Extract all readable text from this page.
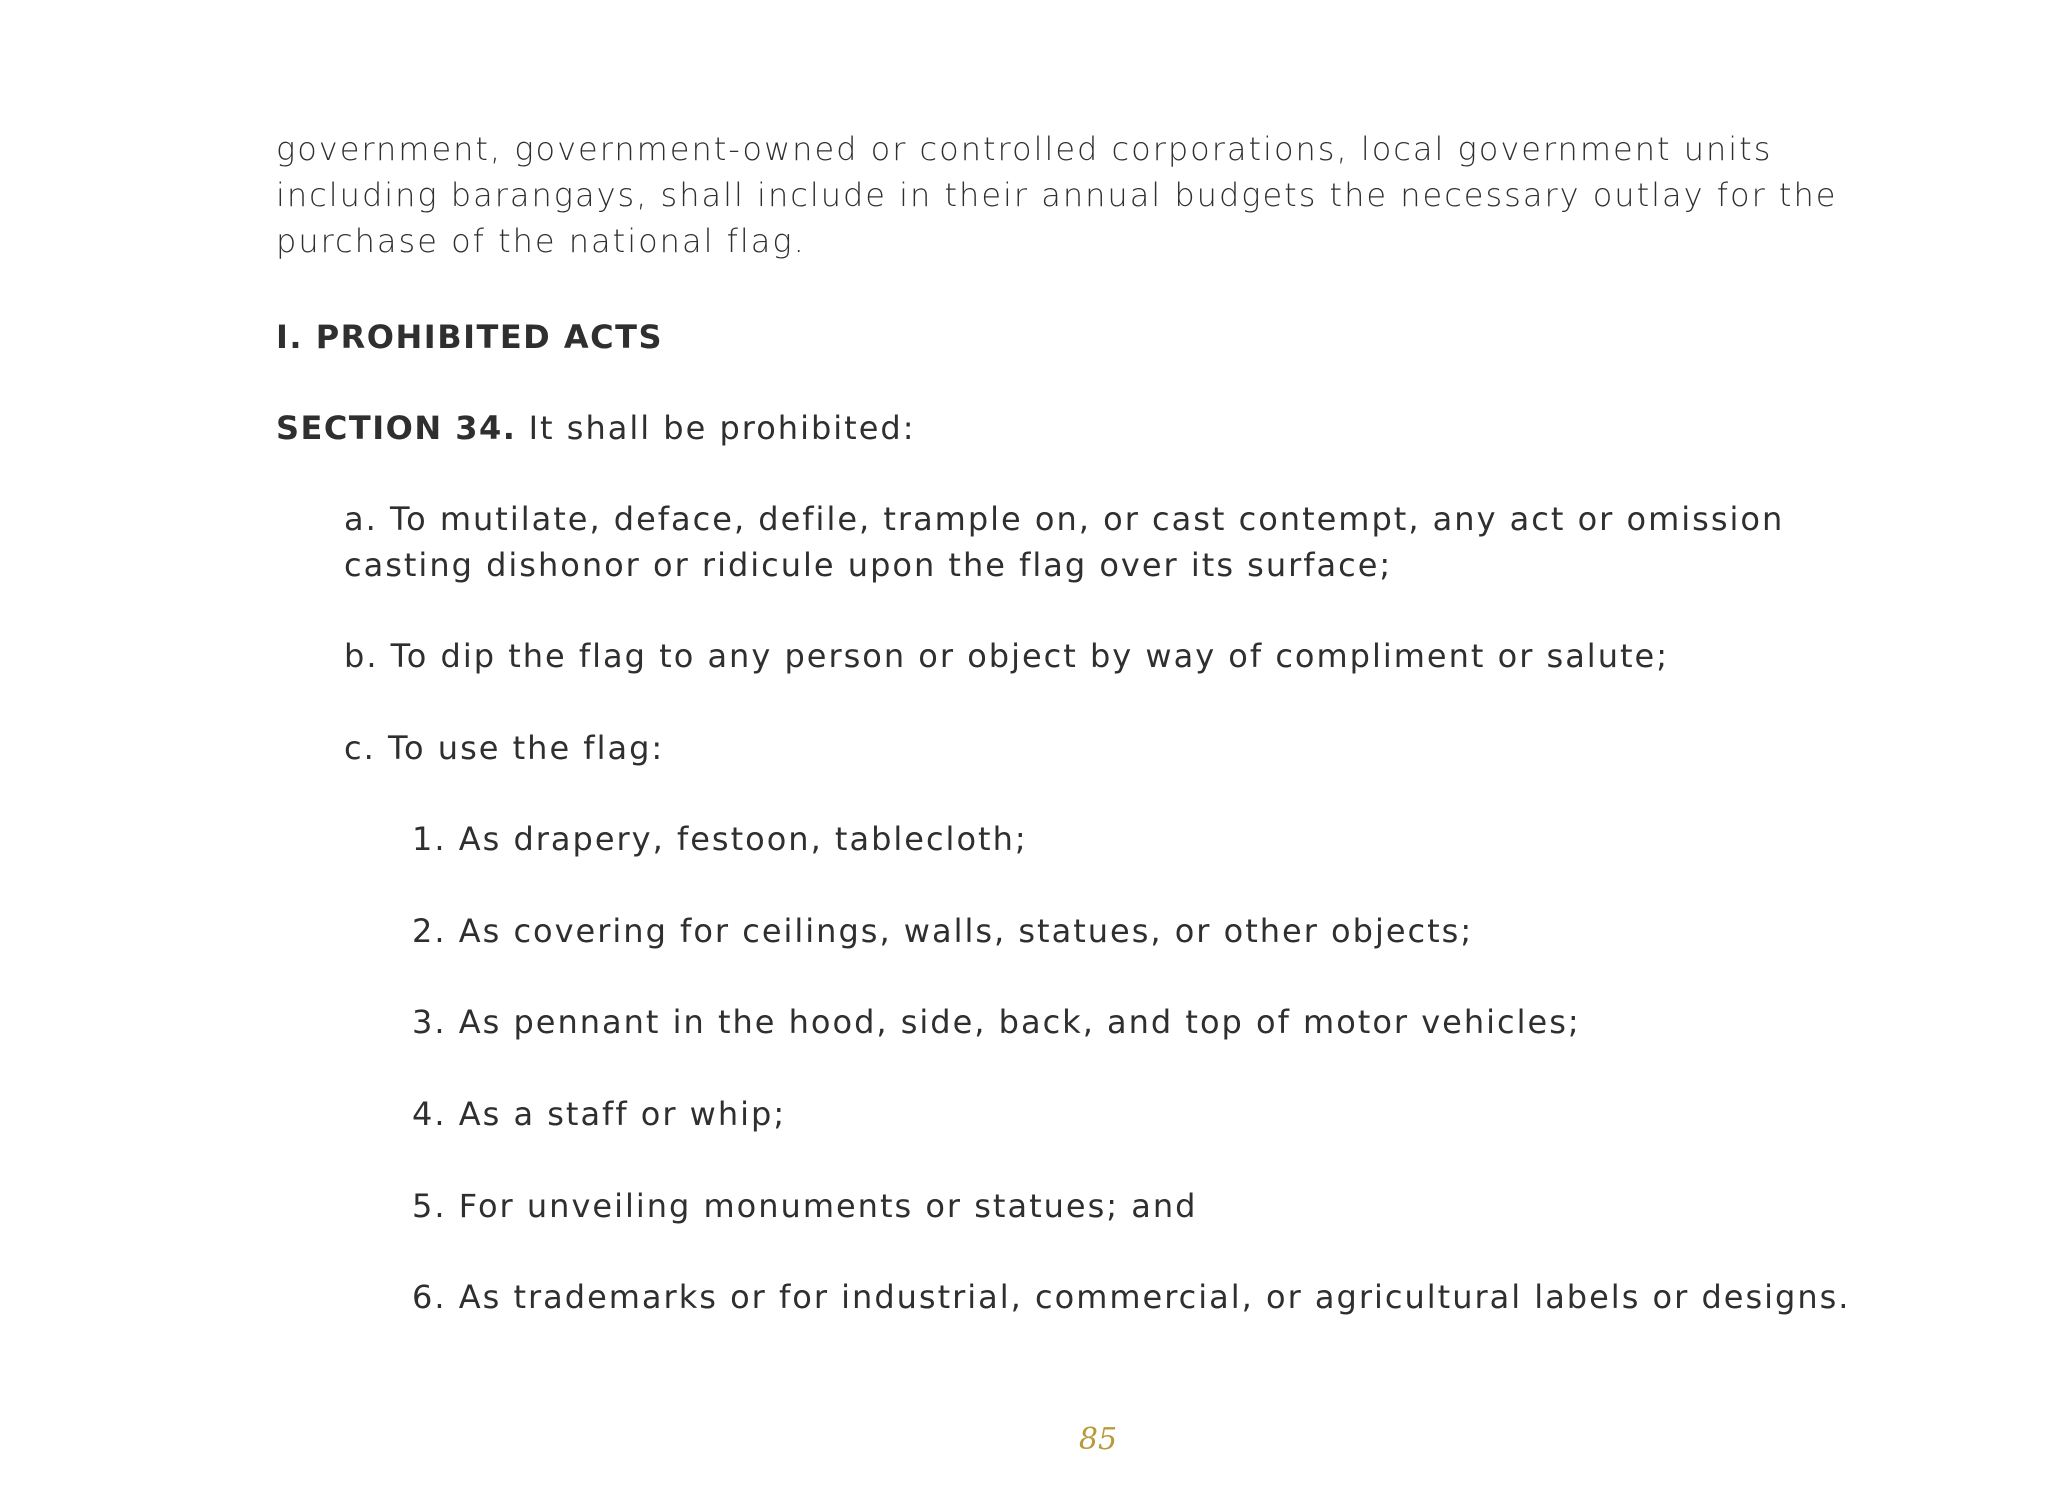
government, government-owned or controlled corporations, local government units including barangays, shall include in their annual budgets the necessary outlay for the purchase of the national flag.

I. PROHIBITED ACTS

SECTION 34. It shall be prohibited:

a. To mutilate, deface, defile, trample on, or cast contempt, any act or omission casting dishonor or ridicule upon the flag over its surface;

b. To dip the flag to any person or object by way of compliment or salute;

c. To use the flag:

1. As drapery, festoon, tablecloth;

2. As covering for ceilings, walls, statues, or other objects;

3. As pennant in the hood, side, back, and top of motor vehicles;

4. As a staff or whip;

5. For unveiling monuments or statues; and

6. As trademarks or for industrial, commercial, or agricultural labels or designs.

85
